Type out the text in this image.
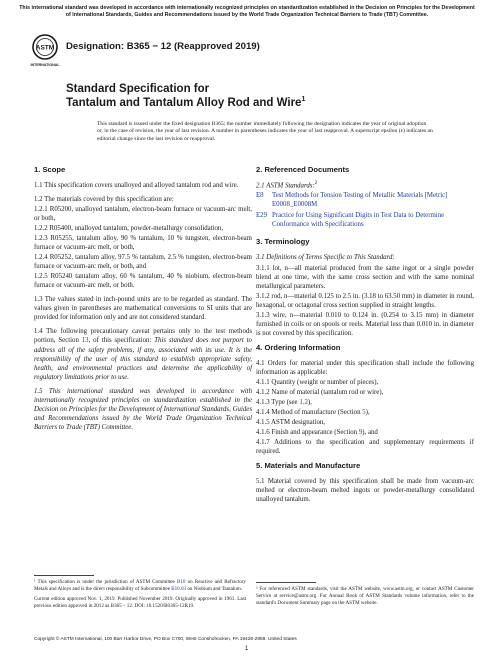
This international standard was developed in accordance with internationally recognized principles on standardization established in the Decision on Principles for the Development of International Standards, Guides and Recommendations issued by the World Trade Organization Technical Barriers to Trade (TBT) Committee.
ASTM
INTERNATIONAL
Designation: B365 − 12 (Reapproved 2019)
Standard Specification for
Tantalum and Tantalum Alloy Rod and Wire$^1$
This standard is issued under the fixed designation B365; the number immediately following the designation indicates the year of original adoption or, in the case of revision, the year of last revision. A number in parentheses indicates the year of last reapproval. A superscript epsilon (ε) indicates an editorial change since the last revision or reapproval.
1. Scope

1.1 This specification covers unalloyed and alloyed tantalum rod and wire.

1.2 The materials covered by this specification are:

1.2.1 R05200, unalloyed tantalum, electron-beam furnace or vacuum-arc melt, or both,

1.2.2 R05400, unalloyed tantalum, powder-metallurgy consolidation,

1.2.3 R05255, tantalum alloy, 90 % tantalum, 10 % tungsten, electron-beam furnace or vacuum-arc melt, or both,

1.2.4 R05252, tantalum alloy, 97.5 % tantalum, 2.5 % tungsten, electron-beam furnace or vacuum-arc melt, or both, and

1.2.5 R05240 tantalum alloy, 60 % tantalum, 40 % niobium, electron-beam furnace or vacuum-arc melt, or both.

1.3 The values stated in inch-pound units are to be regarded as standard. The values given in parentheses are mathematical conversions to SI units that are provided for information only and are not considered standard.

1.4 The following precautionary caveat pertains only to the test methods portion, Section 13, of this specification: This standard does not purport to address all of the safety problems, if any, associated with its use. It is the responsibility of the user of this standard to establish appropriate safety, health, and environmental practices and determine the applicability of regulatory limitations prior to use.

1.5 This international standard was developed in accordance with internationally recognized principles on standardization established in the Decision on Principles for the Development of International Standards, Guides and Recommendations issued by the World Trade Organization Technical Barriers to Trade (TBT) Committee.

¹ This specification is under the jurisdiction of ASTM Committee B10 on Reactive and Refractory Metals and Alloys and is the direct responsibility of Subcommittee B10.03 on Niobium and Tantalum.
Current edition approved Nov. 1, 2019. Published November 2019. Originally approved in 1961. Last previous edition approved in 2012 as B365 – 12. DOI: 10.1520/B0365-12R19.
2. Referenced Documents

2.1 ASTM Standards:$^2$

E8	Test Methods for Tension Testing of Metallic Materials [Metric] E0008_E0008M
E29 Practice for Using Significant Digits in Test Data to Determine Conformance with Specifications
3. Terminology

3.1 Definitions of Terms Specific to This Standard:

3.1.1 lot, n—all material produced from the same ingot or a single powder blend at one time, with the same cross section and with the same nominal metallurgical parameters.

3.1.2 rod, n—material 0.125 to 2.5 in. (3.18 to 63.50 mm) in diameter in round, hexagonal, or octagonal cross section supplied in straight lengths.

3.1.3 wire, n—material 0.010 to 0.124 in. (0.254 to 3.15 mm) in diameter furnished in coils or on spools or reels. Material less than 0.010 in. in diameter is not covered by this specification.

4. Ordering Information

4.1 Orders for material under this specification shall include the following information as applicable:

4.1.1 Quantity (weight or number of pieces),

4.1.2 Name of material (tantalum rod or wire),

4.1.3 Type (see 1.2),

4.1.4 Method of manufacture (Section 5),

4.1.5 ASTM designation,

4.1.6 Finish and appearance (Section 9), and

4.1.7 Additions to the specification and supplementary requirements if required.

5. Materials and Manufacture

5.1 Material covered by this specification shall be made from vacuum-arc melted or electron-beam melted ingots or powder-metallurgy consolidated unalloyed tantalum.

² For referenced ASTM standards, visit the ASTM website, www.astm.org, or contact ASTM Customer Service at service@astm.org. For Annual Book of ASTM Standards volume information, refer to the standard's Document Summary page on the ASTM website.
Copyright © ASTM International, 100 Barr Harbor Drive, PO Box C700, West Conshohocken, PA 19428-2959. United States
1
